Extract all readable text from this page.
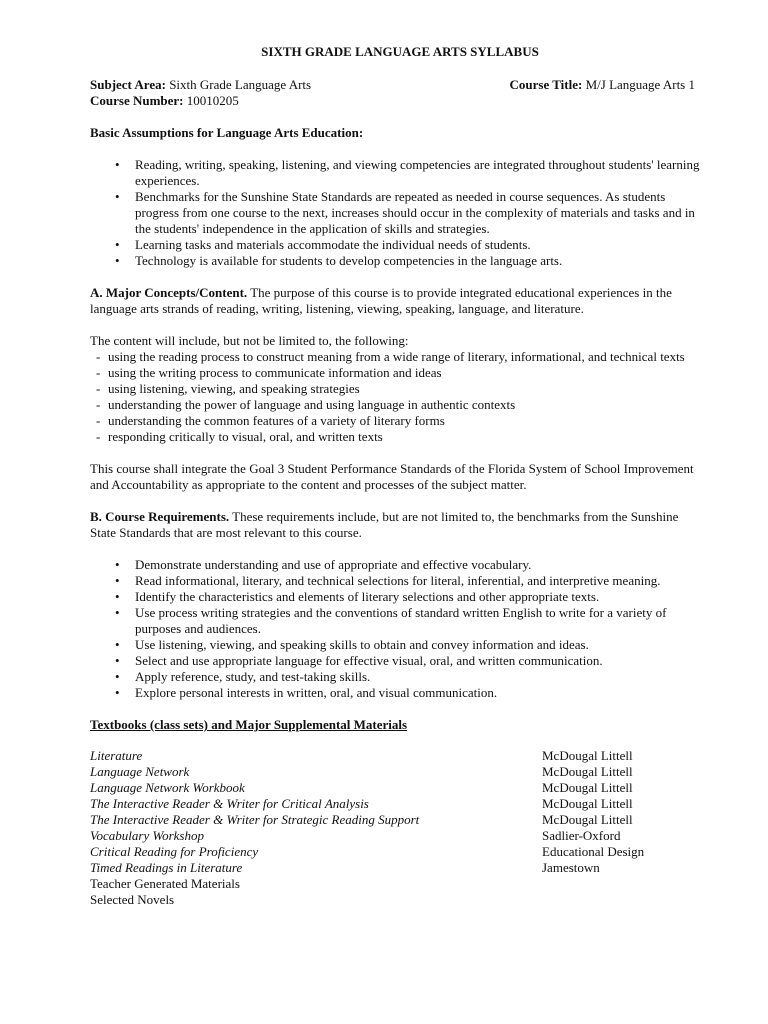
SIXTH GRADE LANGUAGE ARTS SYLLABUS
Subject Area: Sixth Grade Language Arts	Course Title: M/J Language Arts 1
Course Number: 10010205
Basic Assumptions for Language Arts Education:
• Reading, writing, speaking, listening, and viewing competencies are integrated throughout students' learning experiences.
• Benchmarks for the Sunshine State Standards are repeated as needed in course sequences. As students progress from one course to the next, increases should occur in the complexity of materials and tasks and in the students' independence in the application of skills and strategies.
• Learning tasks and materials accommodate the individual needs of students.
• Technology is available for students to develop competencies in the language arts.
A. Major Concepts/Content. The purpose of this course is to provide integrated educational experiences in the language arts strands of reading, writing, listening, viewing, speaking, language, and literature.
The content will include, but not be limited to, the following:
- using the reading process to construct meaning from a wide range of literary, informational, and technical texts
- using the writing process to communicate information and ideas
- using listening, viewing, and speaking strategies
- understanding the power of language and using language in authentic contexts
- understanding the common features of a variety of literary forms
- responding critically to visual, oral, and written texts
This course shall integrate the Goal 3 Student Performance Standards of the Florida System of School Improvement and Accountability as appropriate to the content and processes of the subject matter.
B. Course Requirements. These requirements include, but are not limited to, the benchmarks from the Sunshine State Standards that are most relevant to this course.
• Demonstrate understanding and use of appropriate and effective vocabulary.
• Read informational, literary, and technical selections for literal, inferential, and interpretive meaning.
• Identify the characteristics and elements of literary selections and other appropriate texts.
• Use process writing strategies and the conventions of standard written English to write for a variety of purposes and audiences.
• Use listening, viewing, and speaking skills to obtain and convey information and ideas.
• Select and use appropriate language for effective visual, oral, and written communication.
• Apply reference, study, and test-taking skills.
• Explore personal interests in written, oral, and visual communication.
Textbooks (class sets) and Major Supplemental Materials
Literature	McDougal Littell
Language Network	McDougal Littell
Language Network Workbook	McDougal Littell
The Interactive Reader & Writer for Critical Analysis	McDougal Littell
The Interactive Reader & Writer for Strategic Reading Support	McDougal Littell
Vocabulary Workshop	Sadlier-Oxford
Critical Reading for Proficiency	Educational Design
Timed Readings in Literature	Jamestown
Teacher Generated Materials
Selected Novels
